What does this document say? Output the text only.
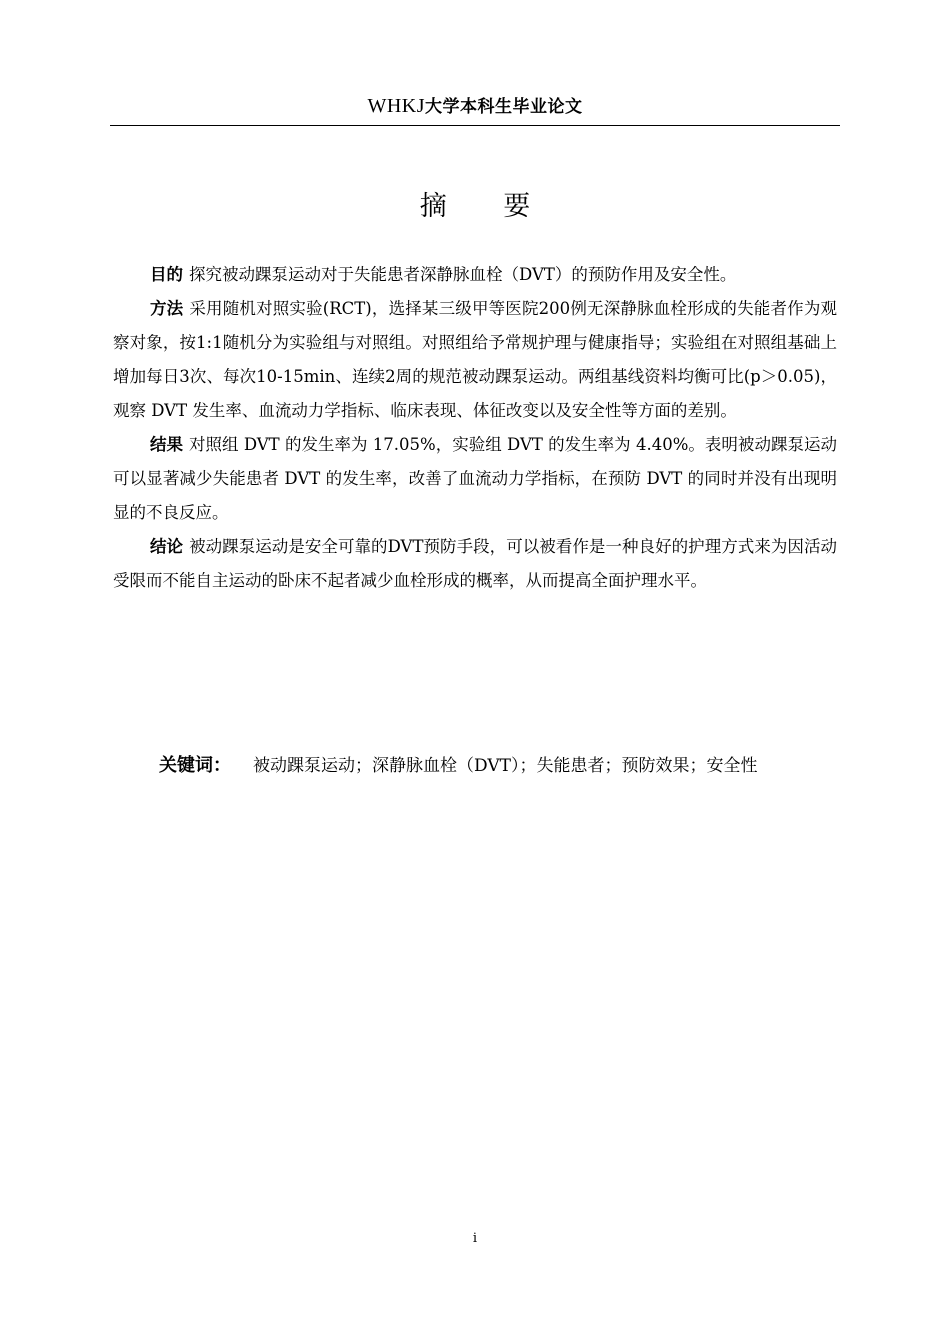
WHKJ大学本科生毕业论文
摘 要

目的 探究被动踝泵运动对于失能患者深静脉血栓（DVT）的预防作用及安全性。

方法 采用随机对照实验(RCT)，选择某三级甲等医院200例无深静脉血栓形成的失能者作为观察对象，按1:1随机分为实验组与对照组。对照组给予常规护理与健康指导；实验组在对照组基础上增加每日3次、每次10-15min、连续2周的规范被动踝泵运动。两组基线资料均衡可比(p＞0.05)，观察 DVT 发生率、血流动力学指标、临床表现、体征改变以及安全性等方面的差别。

结果 对照组 DVT 的发生率为 17.05%，实验组 DVT 的发生率为 4.40%。表明被动踝泵运动可以显著减少失能患者 DVT 的发生率，改善了血流动力学指标，在预防 DVT 的同时并没有出现明显的不良反应。

结论 被动踝泵运动是安全可靠的DVT预防手段，可以被看作是一种良好的护理方式来为因活动受限而不能自主运动的卧床不起者减少血栓形成的概率，从而提高全面护理水平。

关键词： 被动踝泵运动；深静脉血栓（DVT）；失能患者；预防效果；安全性
i
